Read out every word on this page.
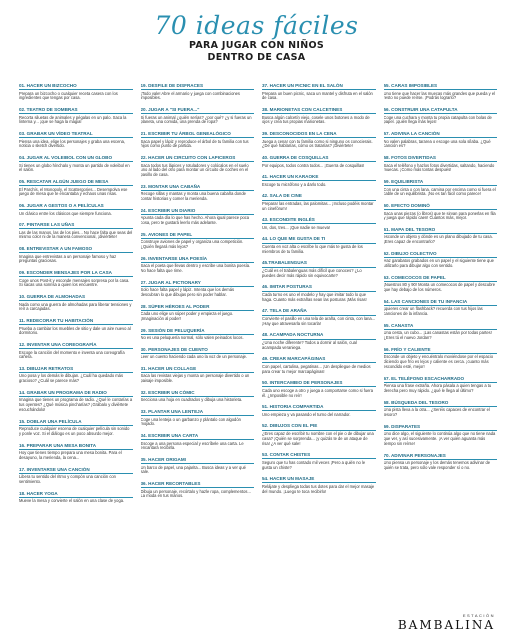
70 ideas fáciles
PARA JUGAR CON NIÑOS
DENTRO DE CASA
01. HACER UN BIZCOCHO
Prepara un bizcocho o cualquier receta casera con los ingredientes que tengas por casa.
02. TEATRO DE SOMBRAS
Recorta siluetas de animales y pégalas en un palo. Saca la linterna y... ¡que se haga la magia!
03. GRABAR UN VÍDEO TEATRAL
Piensa una idea, elige los personajes y graba una escena, noticia o sketch divertido.
04. JUGAR AL VOLEIBOL CON UN GLOBO
Si tienes un globo hínchalo y monta un partido de voleibol en el salón.
05. RESCATAR ALGÚN JUEGO DE MESA
El Parchís, el Monopoly, el Scattergories... Desempolva ese juego de mesa que te encantaba y echaos unas risas.
06. JUGAR A GESTOS O A PELÍCULAS
Un clásico entre los clásicos que siempre funciona.
07. PINTARSE LAS UÑAS
Las de las manos, las de los pies... No hace falta que seas del mismo color ni de la manera convencional, ¡diviértete!
08. ENTREVISTAR A UN FAMOSO
Imagina que entrevistas a un personaje famoso y haz preguntas graciosas.
09. ESCONDER MENSAJES POR LA CASA
Coge unos Post-it y esconde mensajes sorpresa por la casa. Si sacas una sonrisa a quien los encuentre.
10. GUERRA DE ALMOHADAS
Nada como una guerra de almohadas para liberar tensiones y reír a carcajadas.
11. REDECORAR TU HABITACIÓN
Prueba a cambiar los muebles de sitio y dale un aire nuevo al dormitorio.
12. INVENTAR UNA COREOGRAFÍA
Escoge la canción del momento e inventa una coreografía cañera.
13. DIBUJAR RETRATOS
Uno posa y los demás le dibujan. ¿Cuál ha quedado más gracioso? ¿Cuál se parece más?
14. GRABAR UN PROGRAMA DE RADIO
Imagina que tienes un programa de radio. ¿Qué le contarías a tus oyentes? ¿Qué música pincharías? ¡Grábalo y diviértete escuchándolo!
15. DOBLAR UNA PELÍCULA
Reproduce cualquier escena de cualquier película sin sonido y ponle voz. Si el diálogo es un poco absurdo mejor.
16. PREPARAR UNA MESA BONITA
Hoy que tienes tiempo prepara una mesa bonita. Para el desayuno, la merienda, la cena...
17. INVENTARSE UNA CANCIÓN
Libera tu sentido del ritmo y compón una canción con sentimiento.
18. HACER YOGA
Mueve la mesa y convierte el salón en una clase de yoga.
19. DESFILE DE DISFRACES
¡Todo vale! Abre el armario y juega con combinaciones imposibles.
20. JUGAR A "SI FUERA..."
Si fueras un animal ¿quién serías? ¿por qué? ¿y si fueras un planeta, una comida, una prenda de ropa?
21. ESCRIBIR TU ÁRBOL GENEALÓGICO
Saca papel y lápiz y reproduce el árbol de tu familia con tus hijos como punto de partida.
22. HACER UN CIRCUITO CON LAPICEROS
Saca todos tus lápices y rotuladores y colócalos en el suelo uno al lado del otro para montar un circuito de coches en el pasillo de casa.
23. MONTAR UNA CABAÑA
Recoge sillas y mantas y monta una buena cabaña donde contar historias y comer la merienda.
24. ESCRIBIR UN DIARIO
Apunta cada día lo que has hecho. Ahora igual parece poca cosa, pero te gustará leerlo más adelante.
25. AVIONES DE PAPEL
Construye aviones de papel y organiza una competición. ¿Quién llegará más lejos?
26. INVENTARSE UNA POESÍA
Saca el poeta que llevas dentro y escribe una bonita poesía. No hace falta que rime.
27. JUGAR AL PICTIONARY
Solo hace falta papel y lápiz. Intenta que los demás descubran lo que dibujas pero sin poder hablar.
28. SÚPER HÉROES AL PODER
Cada uno elige un súper poder y empieza el juego. ¡Imaginación al poder!
29. SESIÓN DE PELUQUERÍA
No es una peluquería normal, sólo valen peinados locos.
30. PERSONAJES DE CUENTO
Leer un cuento haciendo cada uno la voz de un personaje.
31. HACER UN COLLAGE
Saca las revistas viejas y monta un personaje divertido o un paisaje imposible.
32. ESCRIBIR UN CÓMIC
Secciona una hoja en cuadrados y dibuja una historieta.
33. PLANTAR UNA LENTEJA
Coge una lenteja o un garbanzo y plántalo con algodón mojado.
34. ESCRIBIR UNA CARTA
Escoge a una persona especial y escríbele una carta. Le encantará recibirla.
35. HACER ORIGAMI
Un barco de papel, una pajarita... Busca ideas y a ver qué sale.
36. HACER RECORTABLES
Dibuja un personaje, recórtalo y hazle ropa, complementos... La moda en tus manos.
37. HACER UN PICNIC EN EL SALÓN
Prepara un buen picnic, saca un mantel y disfruta en el salón de casa.
38. MARIONETAS CON CALCETINES
Busca algún calcetín viejo, cosele unos botones a modo de ojos y crea tus propias marionetas.
39. DESCONOCIDOS EN LA CENA
Juega a cenar con tu familia como si ninguno os conocierais. ¿De qué hablarías, cómo os tratarías? ¡Diviértete!
40. GUERRA DE COSQUILLAS
Por equipos, todos contra todos... ¡Guerra de cosquillas!
41. HACER UN KARAOKE
Escoge tu micrófono y a darlo todo.
42. SALA DE CINE
Preparar las entradas, las palomitas... ¡Incluso podéis montar un cinefórum!
43. ESCONDITE INGLÉS
Un, dos, tres... ¡Que nadie se mueva!
44. LO QUE ME GUSTA DE TI
Cuenta en voz alta o escribe lo que más te gusta de los miembros de tu familia.
45.TRABALENGUAS
¿Cuál es el trabalenguas más difícil que conoces? ¿Lo puedes decir más rápido sin equivocarte?
46. IMITAR POSTURAS
Cada turno es uno el modelo y hay que imitar todo lo que haga. Cuanto más extrañas sean las posturas ¡Más risas!
47. TELA DE ARAÑA
Convierte el pasillo en una tela de araña, con cinta, con lana... ¡Hay que atravesarla sin tocarla!
48. ACAMPADA NOCTURNA
¿Una noche diferente? Todos a dormir al salón, cual acampada veraniega.
49. CREAR MARCAPÁGINAS
Con papel, cartulina, pegatinas... ¡Un despliegue de medios para crear tu mejor marcapáginas!
50. INTERCAMBIO DE PERSONAJES
Cada uno escoge a otro y juega a comportarse como si fuera él. ¿Imposible no reír!
51. HISTORIA COMPARTIDA
Uno empieza y va pasando el turno del narrador.
52. DIBUJOS CON EL PIE
¿Eres capaz de escribir tu nombre con el pie o de dibujar una casa? ¡Quién se sorprenda... ¡y quizás te de un ataque de risa! ¿A ver qué sale!
53. CONTAR CHISTES
Seguro que tu has contado mil veces ¡Pero a quién no le gusta un chiste?
54. HACER UN MASAJE
Relájate y despliega todas tus dotes para dar el mejor masaje del mundo. ¡Luego te toca recibirlo!
55. CARAS IMPOSIBLES
Uno tiene que hacer las muecas más grandes que pueda y el resto no puede reírse. ¡Podrás lograrlo?
56. CONSTRUIR UNA CATAPULTA
Coge una cuchara y monta tu propia catapulta con bolas de papel. ¡quién llega más lejos!
57. ADIVINA LA CANCIÓN
No valen palabras, tararea o escoge una sola sílaba. ¿Qué canción es?
58. FOTOS DIVERTIDAS
Saca el teléfono y hazlos fotos divertidas, saltando, haciendo muecas. ¡Como más tontas después!
59. EQUILIBRISTA
Con una cinta o con lana, camina por encima como si fuera el cable de un equilibrista. ¡No es tan fácil como parece!
60. EFECTO DOMINÓ
Saca unas piezas (o libros) que te sirvan para ponerlas en fila y juega que rápido caen! Cuantos más, mejor.
61. MAPA DEL TESORO
esconde un objeto y dónde es un plano dibujado de tu casa. ¡Eres capaz de encontrarlo?
62. DIBUJO COLECTIVO
Haz garabatos grabados en un papel y el siguiente tiene que utilizarlo para dibujar algo con sentido.
63. COMECOCOS DE PAPEL
¡Nuestros 80 y 90! Monta un comecocos de papel y descubre que hay debajo de los números.
64. LAS CANCIONES DE TU INFANCIA
¡quieres crear un flashback? recuerda con tus hijos las canciones de la infancia.
65. CANASTA
Una cesta, un cubo... ¡Las canastas están por todas partes! ¿Eres tú el nuevo Jordan?
66. FRÍO Y CALIENTE
Esconde un objeto y encuéntralo moviéndose por el espacio diciendo que frío es lejos y caliente es cerca. ¡cuanto más escondido esté, mejor!
67. EL TELÉFONO ESCACHARRADO
Piensa una frase extraña. Ahora pásala a quien tengas a tu derecha pero muy rápido. ¿qué le llega al último?
68. BÚSQUEDA DEL TESORO
Una pista lleva a la otra... ¿Seréis capaces de encontrar el tesoro?
69. DISPARATES
Uno dice algo, el siguiente lo continúa algo que no tiene nada que ver, y así sucesivamente. ¡A ver quién aguanta más tiempo sin reírse!
70. ADIVINAR PERSONAJES
Uno piensa un personaje y los demás tenemos adivinar de quién se trata, pero sólo vale responder sí o no.
ESTACIÓN
BAMBALINA
